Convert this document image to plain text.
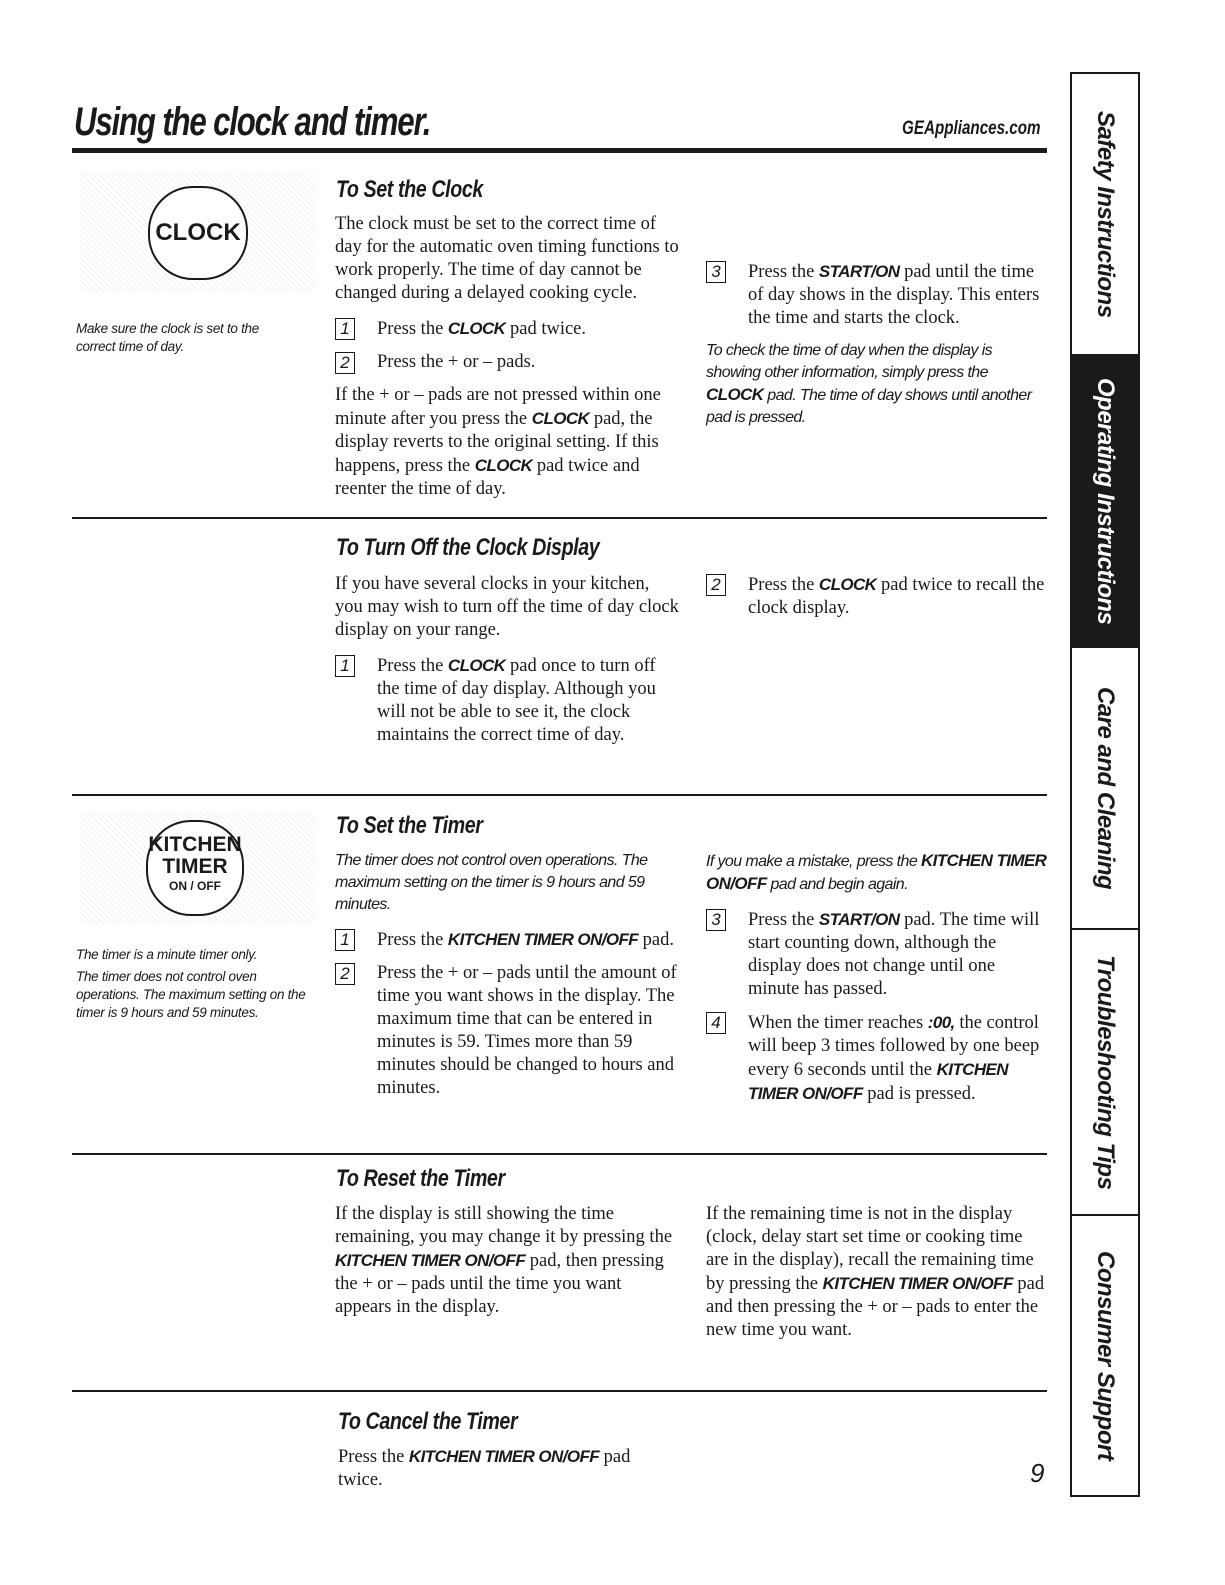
Using the clock and timer.	GEAppliances.com
CLOCK

Make sure the clock is set to the correct time of day.

To Set the Clock

The clock must be set to the correct time of day for the automatic oven timing functions to work properly. The time of day cannot be changed during a delayed cooking cycle.

1 Press the CLOCK pad twice.
2 Press the + or – pads.

If the + or – pads are not pressed within one minute after you press the CLOCK pad, the display reverts to the original setting. If this happens, press the CLOCK pad twice and reenter the time of day.

3 Press the START/ON pad until the time of day shows in the display. This enters the time and starts the clock.

To check the time of day when the display is showing other information, simply press the CLOCK pad. The time of day shows until another pad is pressed.

To Turn Off the Clock Display

If you have several clocks in your kitchen, you may wish to turn off the time of day clock display on your range.

1 Press the CLOCK pad once to turn off the time of day display. Although you will not be able to see it, the clock maintains the correct time of day.
2 Press the CLOCK pad twice to recall the clock display.
KITCHEN
TIMER
ON / OFF

The timer is a minute timer only.

The timer does not control oven operations. The maximum setting on the timer is 9 hours and 59 minutes.

To Set the Timer

The timer does not control oven operations. The maximum setting on the timer is 9 hours and 59 minutes.

1 Press the KITCHEN TIMER ON/OFF pad.
2 Press the + or – pads until the amount of time you want shows in the display. The maximum time that can be entered in minutes is 59. Times more than 59 minutes should be changed to hours and minutes.

If you make a mistake, press the KITCHEN TIMER ON/OFF pad and begin again.

3 Press the START/ON pad. The time will start counting down, although the display does not change until one minute has passed.
4 When the timer reaches :00, the control will beep 3 times followed by one beep every 6 seconds until the KITCHEN TIMER ON/OFF pad is pressed.
To Reset the Timer

If the display is still showing the time remaining, you may change it by pressing the KITCHEN TIMER ON/OFF pad, then pressing the + or – pads until the time you want appears in the display.

If the remaining time is not in the display (clock, delay start set time or cooking time are in the display), recall the remaining time by pressing the KITCHEN TIMER ON/OFF pad and then pressing the + or – pads to enter the new time you want.

To Cancel the Timer

Press the KITCHEN TIMER ON/OFF pad twice.	9
Safety Instructions
Operating Instructions
Care and Cleaning
Troubleshooting Tips
Consumer Support
